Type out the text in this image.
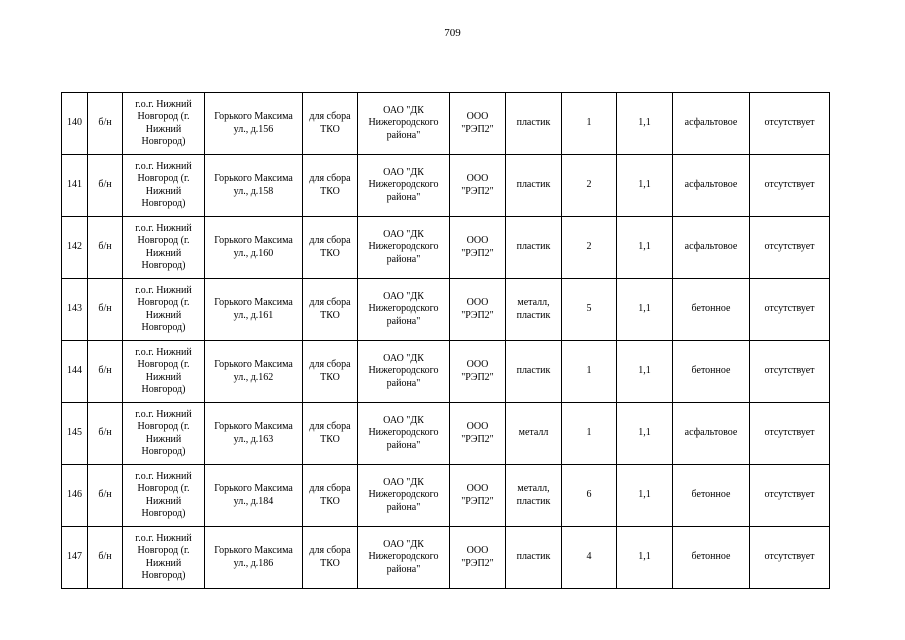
709
140	б/н	г.о.г. Нижний Новгород (г. Нижний Новгород)	Горького Максима ул., д.156	для сбора ТКО	ОАО "ДК Нижегородского района"	ООО "РЭП2"	пластик	1	1,1	асфальтовое	отсутствует
141	б/н	г.о.г. Нижний Новгород (г. Нижний Новгород)	Горького Максима ул., д.158	для сбора ТКО	ОАО "ДК Нижегородского района"	ООО "РЭП2"	пластик	2	1,1	асфальтовое	отсутствует
142	б/н	г.о.г. Нижний Новгород (г. Нижний Новгород)	Горького Максима ул., д.160	для сбора ТКО	ОАО "ДК Нижегородского района"	ООО "РЭП2"	пластик	2	1,1	асфальтовое	отсутствует
143	б/н	г.о.г. Нижний Новгород (г. Нижний Новгород)	Горького Максима ул., д.161	для сбора ТКО	ОАО "ДК Нижегородского района"	ООО "РЭП2"	металл, пластик	5	1,1	бетонное	отсутствует
144	б/н	г.о.г. Нижний Новгород (г. Нижний Новгород)	Горького Максима ул., д.162	для сбора ТКО	ОАО "ДК Нижегородского района"	ООО "РЭП2"	пластик	1	1,1	бетонное	отсутствует
145	б/н	г.о.г. Нижний Новгород (г. Нижний Новгород)	Горького Максима ул., д.163	для сбора ТКО	ОАО "ДК Нижегородского района"	ООО "РЭП2"	металл	1	1,1	асфальтовое	отсутствует
146	б/н	г.о.г. Нижний Новгород (г. Нижний Новгород)	Горького Максима ул., д.184	для сбора ТКО	ОАО "ДК Нижегородского района"	ООО "РЭП2"	металл, пластик	6	1,1	бетонное	отсутствует
147	б/н	г.о.г. Нижний Новгород (г. Нижний Новгород)	Горького Максима ул., д.186	для сбора ТКО	ОАО "ДК Нижегородского района"	ООО "РЭП2"	пластик	4	1,1	бетонное	отсутствует
